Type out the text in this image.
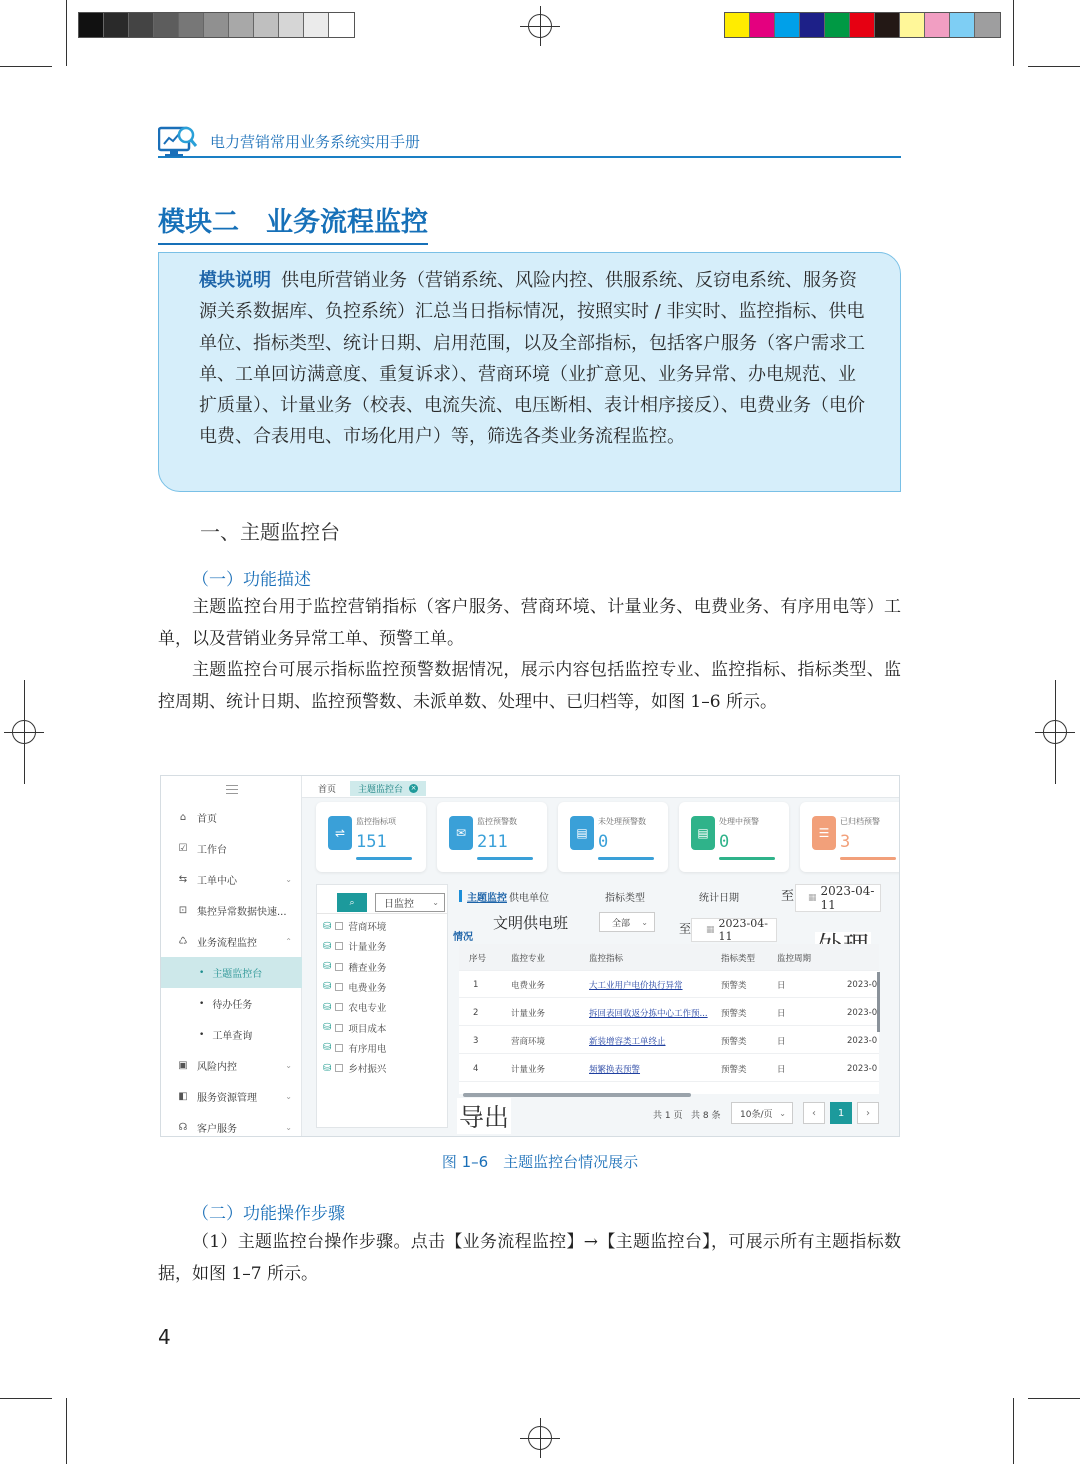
电力营销常用业务系统实用手册
模块二　业务流程监控

模块说明 供电所营销业务（营销系统、风险内控、供服系统、反窃电系统、服务资源关系数据库、负控系统）汇总当日指标情况，按照实时 / 非实时、监控指标、供电单位、指标类型、统计日期、启用范围，以及全部指标，包括客户服务（客户需求工单、工单回访满意度、重复诉求）、营商环境（业扩意见、业务异常、办电规范、业扩质量）、计量业务（校表、电流失流、电压断相、表计相序接反）、电费业务（电价电费、合表用电、市场化用户）等，筛选各类业务流程监控。

一、主题监控台
（一）功能描述
主题监控台用于监控营销指标（客户服务、营商环境、计量业务、电费业务、有序用电等）工单，以及营销业务异常工单、预警工单。
主题监控台可展示指标监控预警数据情况，展示内容包括监控专业、监控指标、指标类型、监控周期、统计日期、监控预警数、未派单数、处理中、已归档等，如图 1–6 所示。
⌂ 首页
☑ 工作台
⇆ 工单中心	⌄
⊡ 集控异常数据快速...
♺ 业务流程监控	⌃
• 主题监控台
• 待办任务
• 工单查询
▣ 风险内控	⌄
◧ 服务资源管理	⌄
☊ 客户服务	⌄
首页 主题监控台 ×
⌕	日监控 ⌄
⛁ 营商环境
⛁ 计量业务
⛁ 稽查业务
⛁ 电费业务
⛁ 农电专业
⛁ 项目成本
⛁ 有序用电
⛁ 乡村振兴
主题监控 供电单位
文明供电班
指标类型
全部 ⌄
统计日期	至 ▦ 2023-04-11
至 ▦ 2023-04-11
情况
序号	监控专业	监控指标	指标类型	监控周期
1	电费业务	大工业用户电价执行异常	预警类	日	2023-0
2	计量业务	拆回表回收返分拣中心工作预... 预警类	日	2023-0
3	营商环境	新装增容类工单终止	预警类	日	2023-0
4	计量业务	频繁换表预警	预警类	日	2023-0
导出	共 1 页 共 8 条 10条/页 ⌄	‹ 1 ›
⇌
监控指标项
151	✉
监控预警数
211	▤
未处理预警数
0	▤
处理中预警
0	☰
已归档预警
3
图 1–6　主题监控台情况展示
（二）功能操作步骤
（1）主题监控台操作步骤。点击【业务流程监控】→【主题监控台】，可展示所有主题指标数据，如图 1–7 所示。
4
